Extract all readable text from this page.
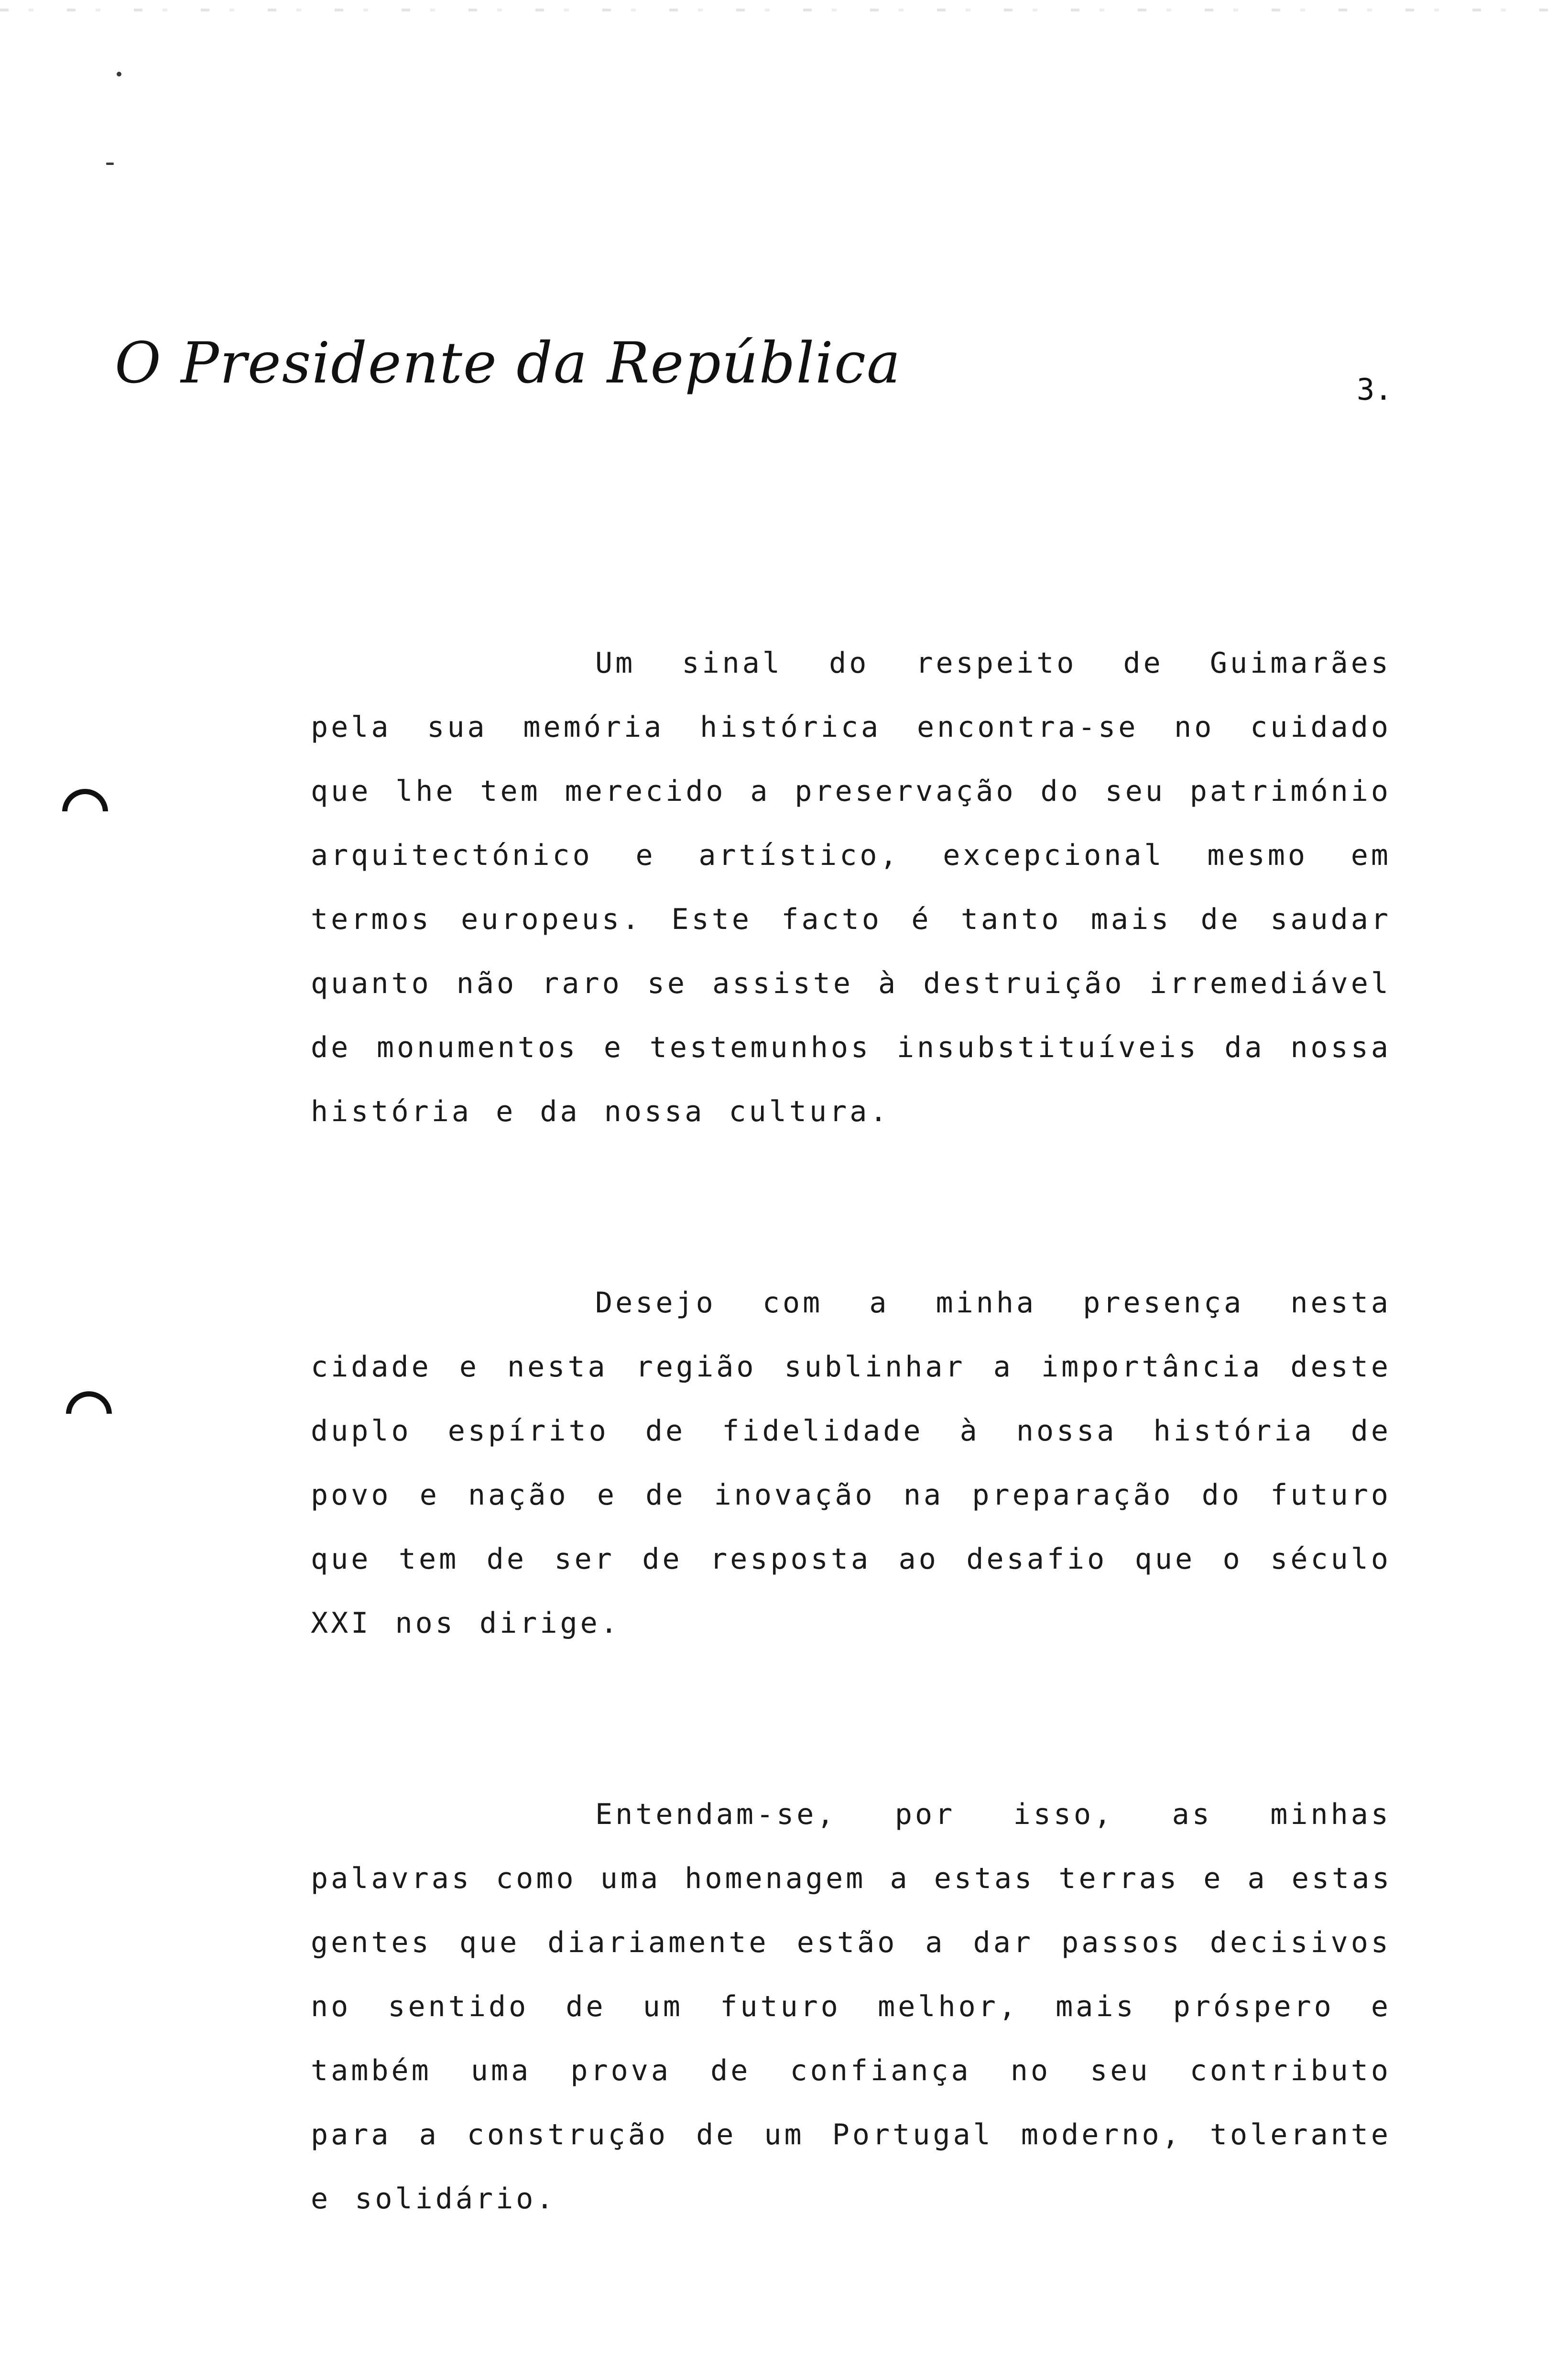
O Presidente da República	3.
Um sinal do respeito de Guimarães
pela sua memória histórica encontra-se no cuidado
que lhe tem merecido a preservação do seu património
arquitectónico e artístico, excepcional mesmo em
termos europeus. Este facto é tanto mais de saudar
quanto não raro se assiste à destruição irremediável
de monumentos e testemunhos insubstituíveis da nossa
história e da nossa cultura.
Desejo com a minha presença nesta
cidade e nesta região sublinhar a importância deste
duplo espírito de fidelidade à nossa história de
povo e nação e de inovação na preparação do futuro
que tem de ser de resposta ao desafio que o século
XXI nos dirige.
Entendam-se, por isso, as minhas
palavras como uma homenagem a estas terras e a estas
gentes que diariamente estão a dar passos decisivos
no sentido de um futuro melhor, mais próspero e
também uma prova de confiança no seu contributo
para a construção de um Portugal moderno, tolerante
e solidário.
